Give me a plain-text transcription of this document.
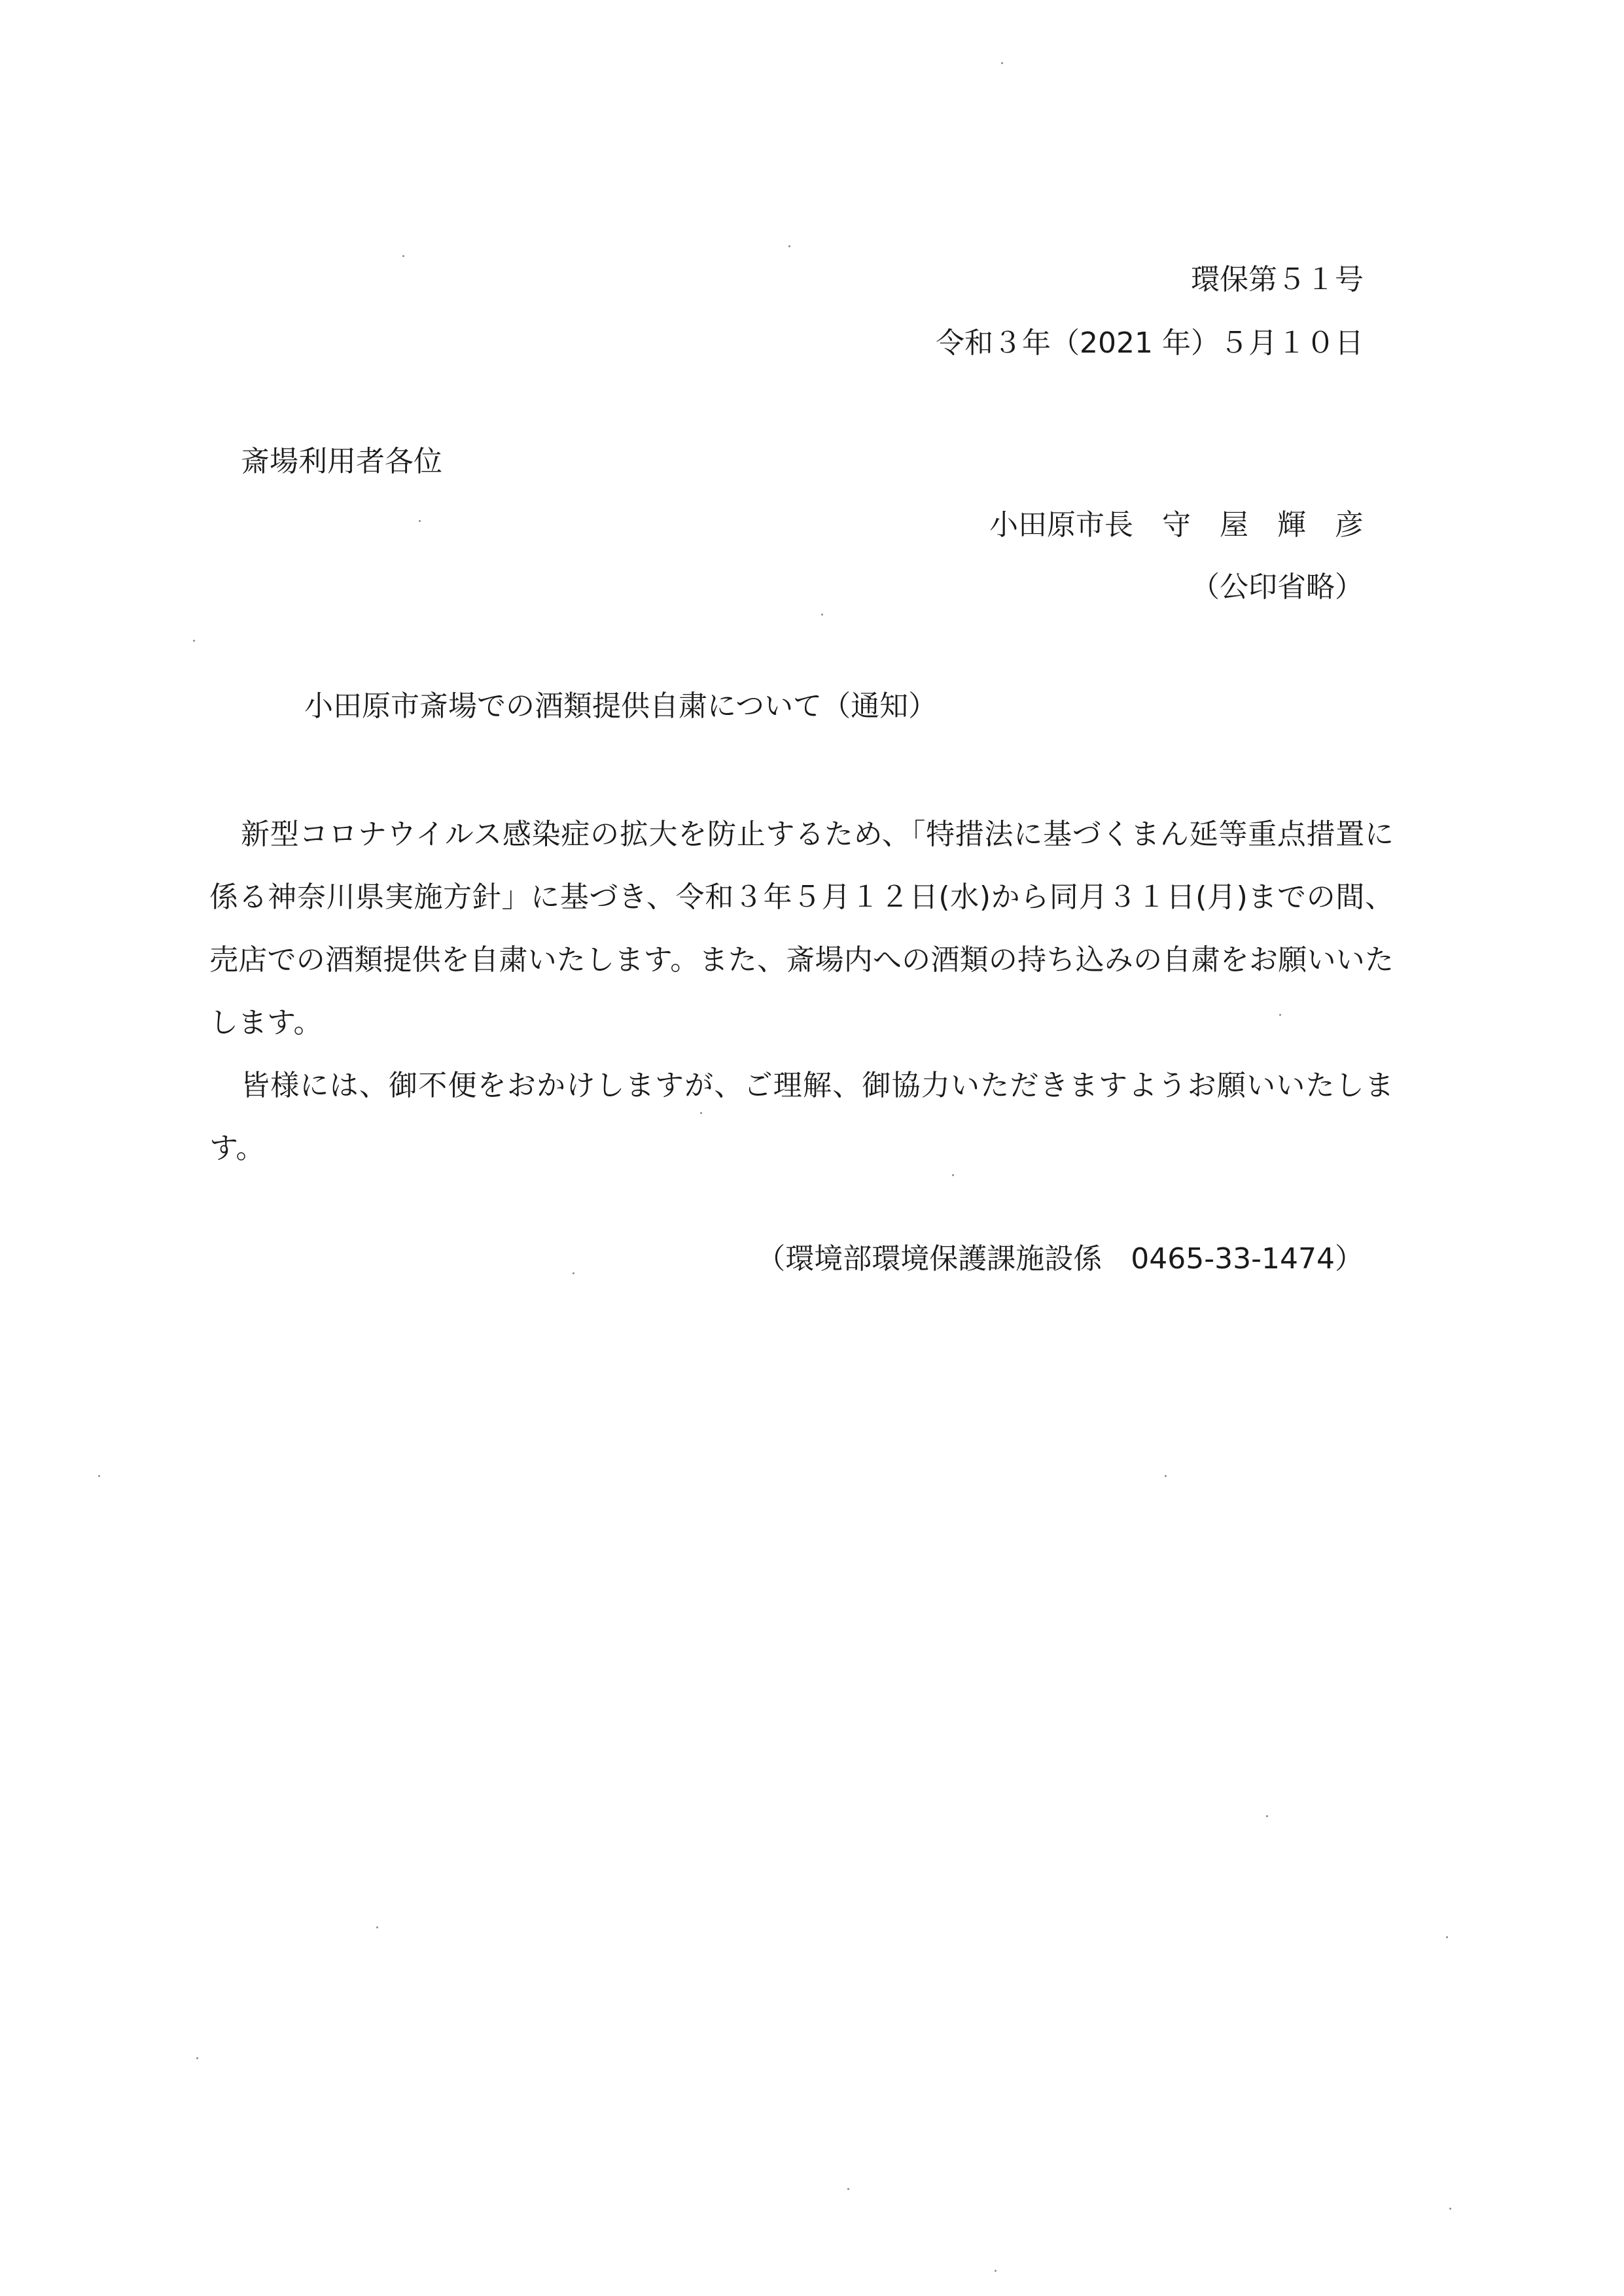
環保第５１号
令和３年（2021 年）５月１０日
斎場利用者各位
小田原市長　守　屋　輝　彦
（公印省略）
小田原市斎場での酒類提供自粛について（通知）

新型コロナウイルス感染症の拡大を防止するため、「特措法に基づくまん延等重点措置に係る神奈川県実施方針」に基づき、令和３年５月１２日(水)から同月３１日(月)までの間、売店での酒類提供を自粛いたします。また、斎場内への酒類の持ち込みの自粛をお願いいたします。

皆様には、御不便をおかけしますが、ご理解、御協力いただきますようお願いいたします。

（環境部環境保護課施設係　0465-33-1474）
